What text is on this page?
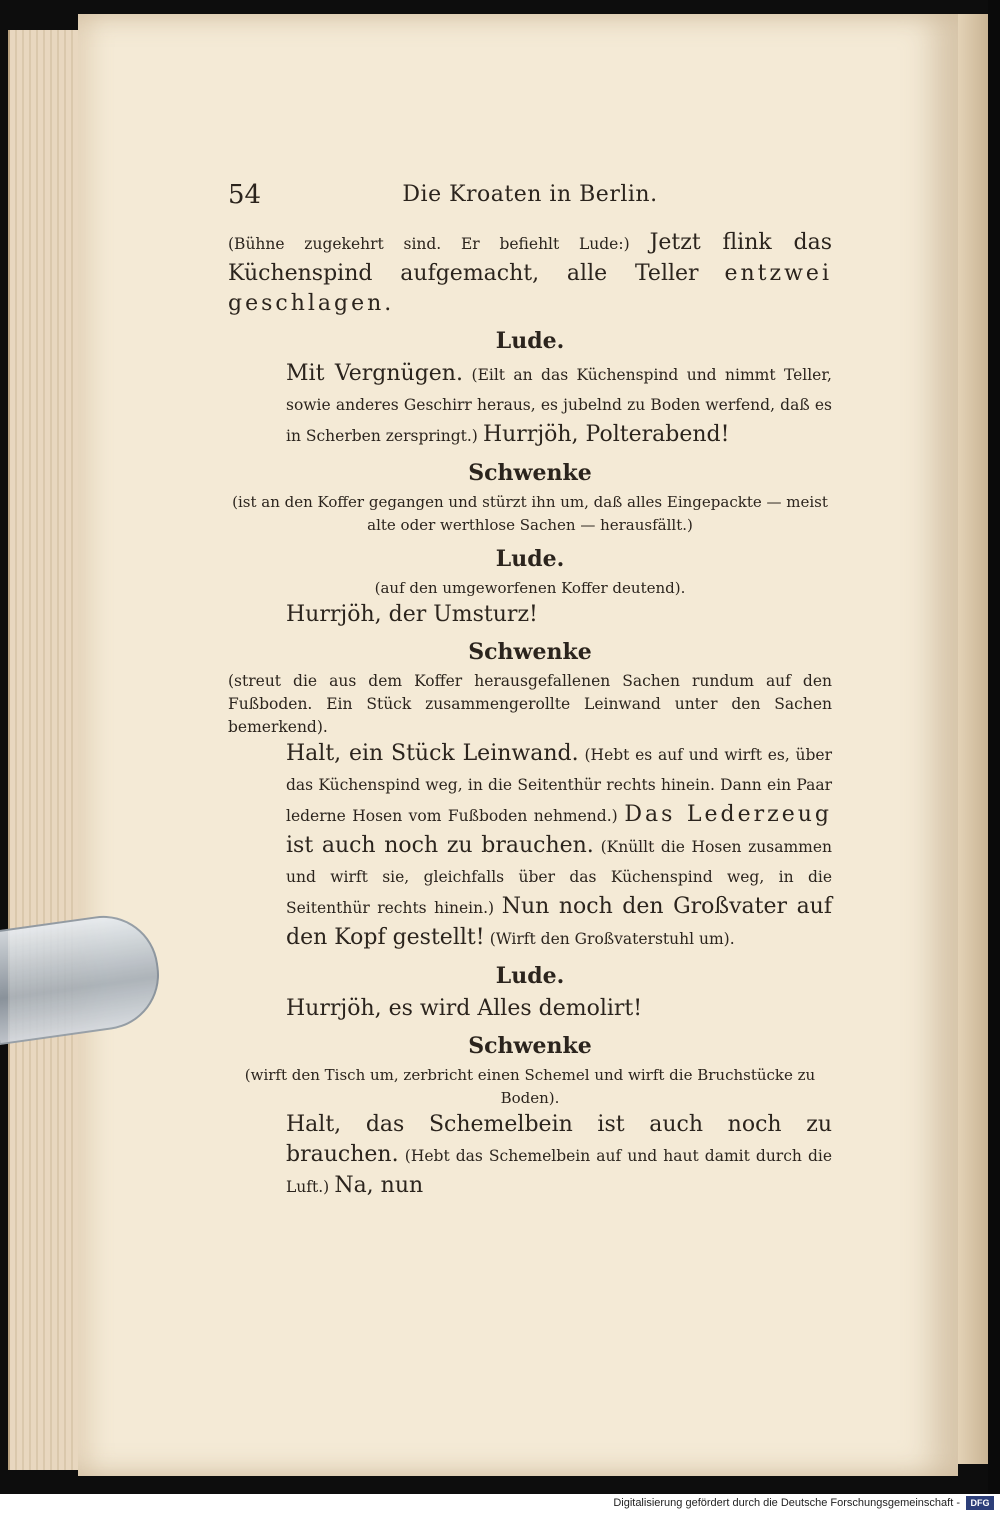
54	Die Kroaten in Berlin.

(Bühne zugekehrt sind. Er befiehlt Lude:) Jetzt flink das Küchenspind aufgemacht, alle Teller entzwei geschlagen.

Lude.

Mit Vergnügen. (Eilt an das Küchenspind und nimmt Teller, sowie anderes Geschirr heraus, es jubelnd zu Boden werfend, daß es in Scherben zerspringt.) Hurrjöh, Polterabend!

Schwenke
(ist an den Koffer gegangen und stürzt ihn um, daß alles Eingepackte — meist alte oder werthlose Sachen — herausfällt.)
Lude.
(auf den umgeworfenen Koffer deutend).

Hurrjöh, der Umsturz!

Schwenke

(streut die aus dem Koffer herausgefallenen Sachen rundum auf den Fußboden. Ein Stück zusammengerollte Leinwand unter den Sachen bemerkend).

Halt, ein Stück Leinwand. (Hebt es auf und wirft es, über das Küchenspind weg, in die Seitenthür rechts hinein. Dann ein Paar lederne Hosen vom Fußboden nehmend.) Das Lederzeug ist auch noch zu brauchen. (Knüllt die Hosen zusammen und wirft sie, gleichfalls über das Küchenspind weg, in die Seitenthür rechts hinein.) Nun noch den Großvater auf den Kopf gestellt! (Wirft den Großvaterstuhl um).

Lude.

Hurrjöh, es wird Alles demolirt!

Schwenke
(wirft den Tisch um, zerbricht einen Schemel und wirft die Bruchstücke zu Boden).

Halt, das Schemelbein ist auch noch zu brauchen. (Hebt das Schemelbein auf und haut damit durch die Luft.) Na, nun

Digitalisierung gefördert durch die Deutsche Forschungsgemeinschaft -	DFG
